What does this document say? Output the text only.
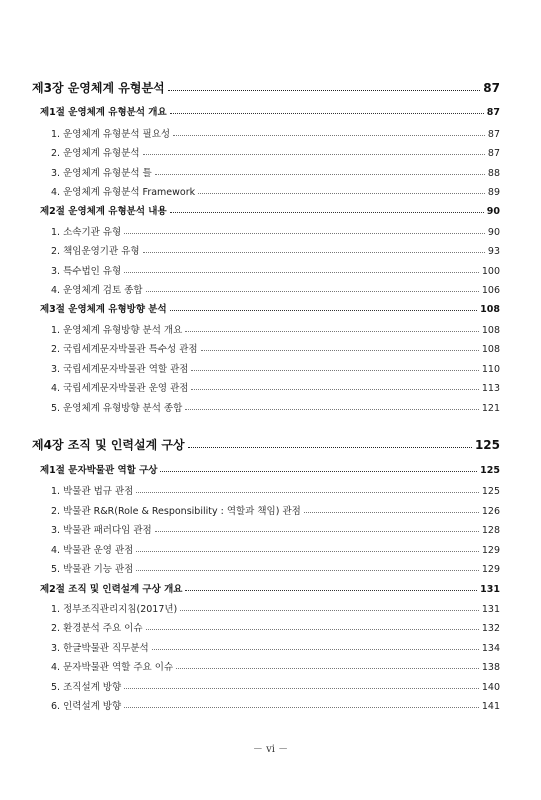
제3장 운영체계 유형분석	87
제1절 운영체계 유형분석 개요	87
1. 운영체계 유형분석 필요성	87
2. 운영체계 유형분석	87
3. 운영체계 유형분석 틀	88
4. 운영체계 유형분석 Framework	89
제2절 운영체계 유형분석 내용	90
1. 소속기관 유형	90
2. 책임운영기관 유형	93
3. 특수법인 유형	100
4. 운영체계 검토 종합	106
제3절 운영체계 유형방향 분석	108
1. 운영체계 유형방향 분석 개요	108
2. 국립세계문자박물관 특수성 관점	108
3. 국립세계문자박물관 역할 관점	110
4. 국립세계문자박물관 운영 관점	113
5. 운영체계 유형방향 분석 종합	121
제4장 조직 및 인력설계 구상	125
제1절 문자박물관 역할 구상	125
1. 박물관 법규 관점	125
2. 박물관 R&R(Role & Responsibility : 역할과 책임) 관점	126
3. 박물관 패러다임 관점	128
4. 박물관 운영 관점	129
5. 박물관 기능 관점	129
제2절 조직 및 인력설계 구상 개요	131
1. 정부조직관리지침(2017년)	131
2. 환경분석 주요 이슈	132
3. 한글박물관 직무분석	134
4. 문자박물관 역할 주요 이슈	138
5. 조직설계 방향	140
6. 인력설계 방향	141
－ vi －
